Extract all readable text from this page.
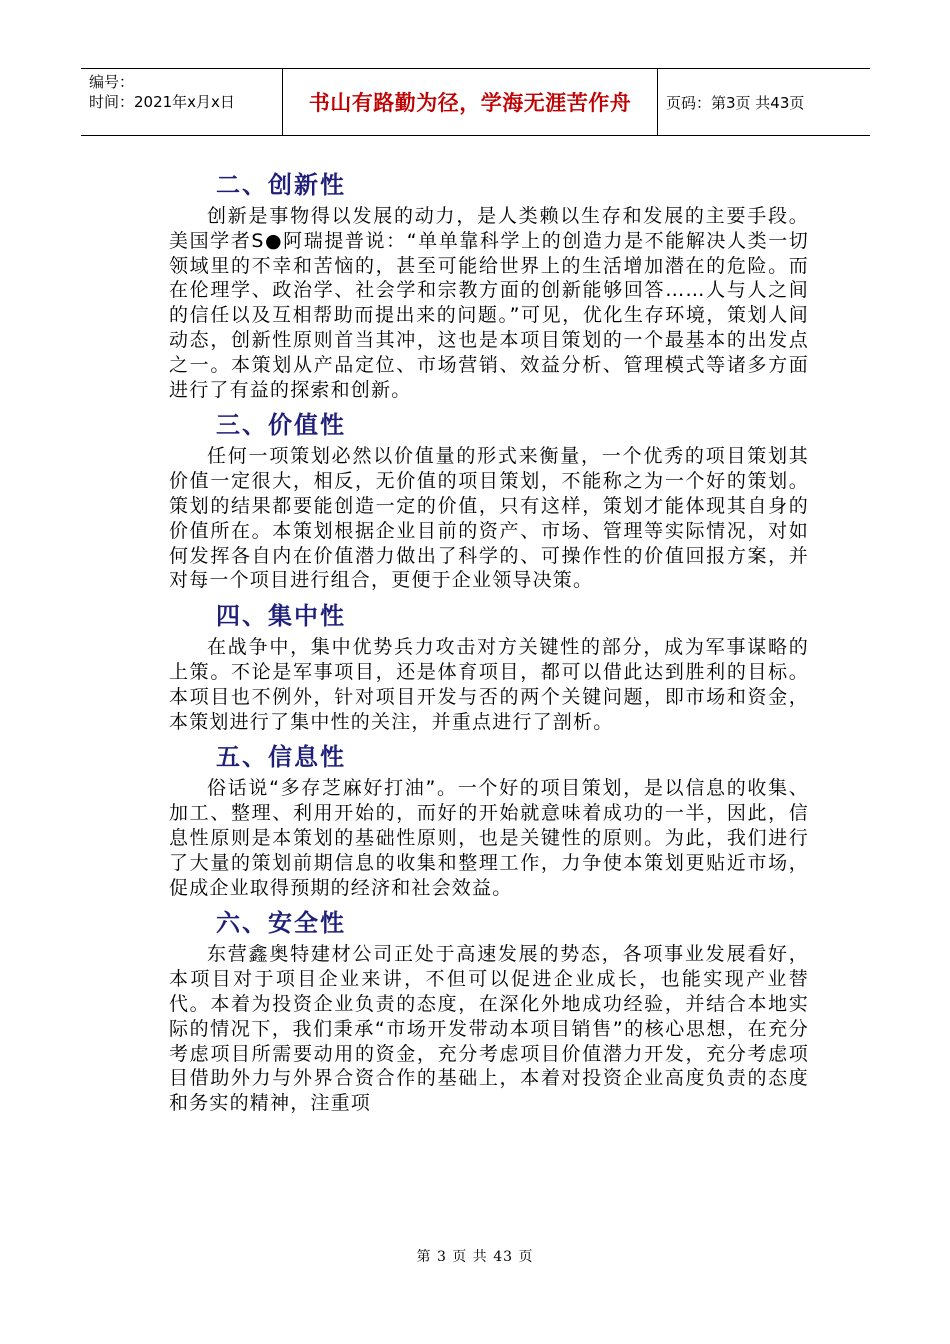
编号：
时间：2021年x月x日	书山有路勤为径，学海无涯苦作舟	页码：第3页 共43页
二、创新性

创新是事物得以发展的动力，是人类赖以生存和发展的主要手段。美国学者S●阿瑞提普说：“单单靠科学上的创造力是不能解决人类一切领域里的不幸和苦恼的，甚至可能给世界上的生活增加潜在的危险。而在伦理学、政治学、社会学和宗教方面的创新能够回答……人与人之间的信任以及互相帮助而提出来的问题。”可见，优化生存环境，策划人间动态，创新性原则首当其冲，这也是本项目策划的一个最基本的出发点之一。本策划从产品定位、市场营销、效益分析、管理模式等诸多方面进行了有益的探索和创新。

三、价值性

任何一项策划必然以价值量的形式来衡量，一个优秀的项目策划其价值一定很大，相反，无价值的项目策划，不能称之为一个好的策划。策划的结果都要能创造一定的价值，只有这样，策划才能体现其自身的价值所在。本策划根据企业目前的资产、市场、管理等实际情况，对如何发挥各自内在价值潜力做出了科学的、可操作性的价值回报方案，并对每一个项目进行组合，更便于企业领导决策。

四、集中性

在战争中，集中优势兵力攻击对方关键性的部分，成为军事谋略的上策。不论是军事项目，还是体育项目，都可以借此达到胜利的目标。本项目也不例外，针对项目开发与否的两个关键问题，即市场和资金，本策划进行了集中性的关注，并重点进行了剖析。

五、信息性

俗话说“多存芝麻好打油”。一个好的项目策划，是以信息的收集、加工、整理、利用开始的，而好的开始就意味着成功的一半，因此，信息性原则是本策划的基础性原则，也是关键性的原则。为此，我们进行了大量的策划前期信息的收集和整理工作，力争使本策划更贴近市场，促成企业取得预期的经济和社会效益。

六、安全性

东营鑫奥特建材公司正处于高速发展的势态，各项事业发展看好，本项目对于项目企业来讲，不但可以促进企业成长，也能实现产业替代。本着为投资企业负责的态度，在深化外地成功经验，并结合本地实际的情况下，我们秉承“市场开发带动本项目销售”的核心思想，在充分考虑项目所需要动用的资金，充分考虑项目价值潜力开发，充分考虑项目借助外力与外界合资合作的基础上，本着对投资企业高度负责的态度和务实的精神，注重项

第 3 页 共 43 页
